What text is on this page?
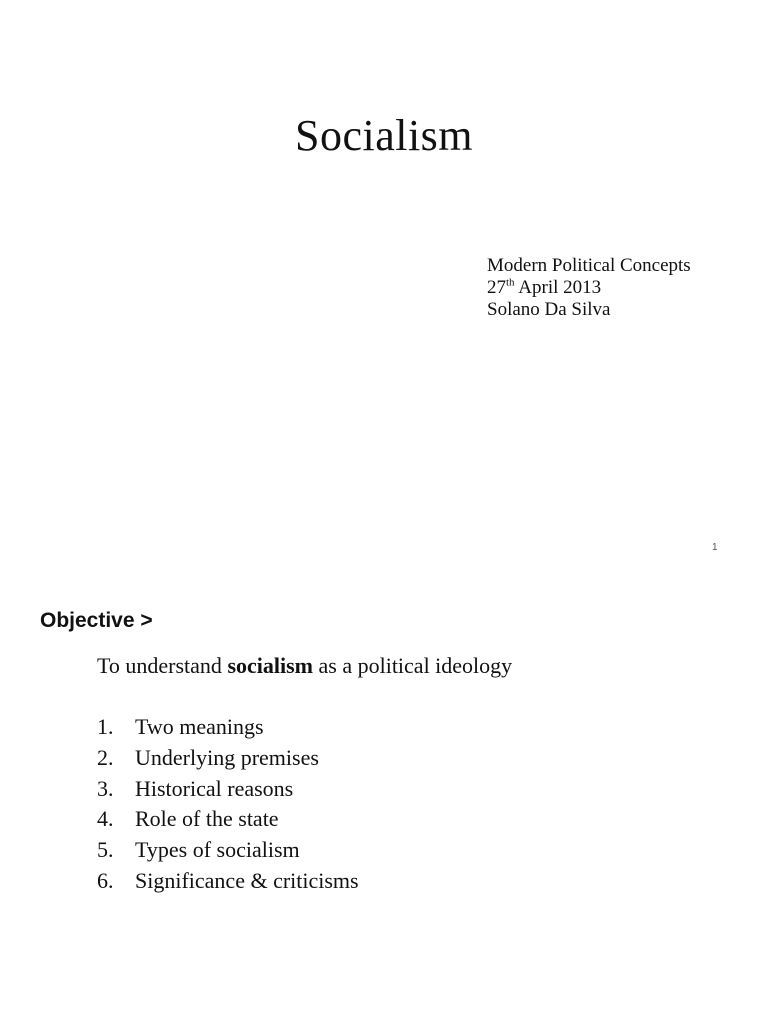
Socialism
Modern Political Concepts
27th April 2013
Solano Da Silva
1
Objective >

To understand socialism as a political ideology

1. Two meanings
2. Underlying premises
3. Historical reasons
4. Role of the state
5. Types of socialism
6. Significance & criticisms
